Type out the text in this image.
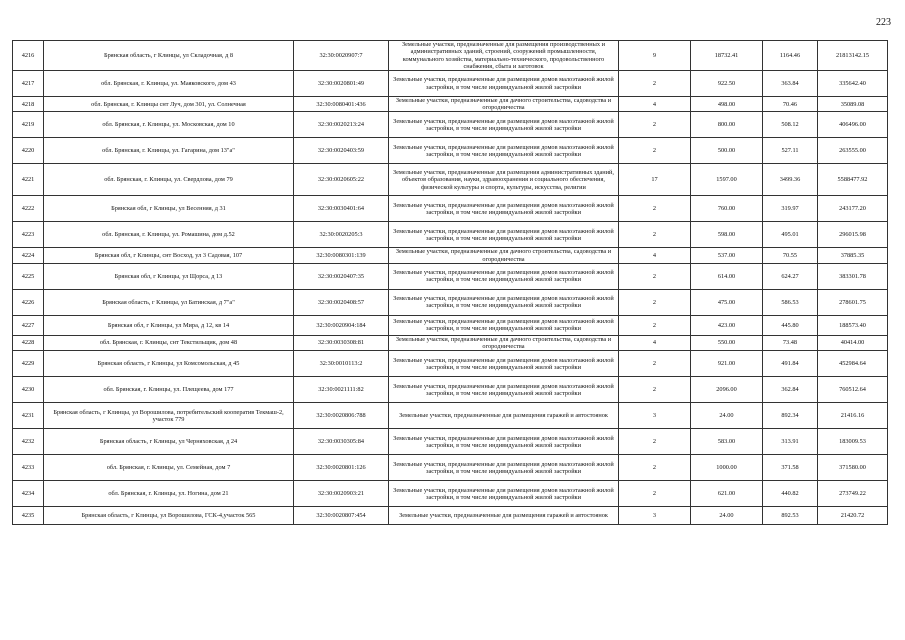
223
4216	Брянская область, г Клинцы, ул Складочная, д 8	32:30:0020907:7	Земельные участки, предназначенные для размещения производственных и административных зданий, строений, сооружений промышленности, коммунального хозяйства, материально-технического, продовольственного снабжения, сбыта и заготовок	9	18732.41	1164.46	21813142.15
4217	обл. Брянская, г. Клинцы, ул. Маяковского, дом 43	32:30:0020801:49	Земельные участки, предназначенные для размещения домов малоэтажной жилой застройки, в том числе индивидуальной жилой застройки	2	922.50	363.84	335642.40
4218	обл. Брянская, г. Клинцы снт Луч, дом 301, ул. Солнечная	32:30:0080401:436	Земельные участки, предназначенные для дачного строительства, садоводства и огородничества	4	498.00	70.46	35089.08
4219	обл. Брянская, г. Клинцы, ул. Московская, дом 10	32:30:0020213:24	Земельные участки, предназначенные для размещения домов малоэтажной жилой застройки, в том числе индивидуальной жилой застройки	2	800.00	508.12	406496.00
4220	обл. Брянская, г. Клинцы, ул. Гагарина, дом 13"а"	32:30:0020403:59	Земельные участки, предназначенные для размещения домов малоэтажной жилой застройки, в том числе индивидуальной жилой застройки	2	500.00	527.11	263555.00
4221	обл. Брянская, г. Клинцы, ул. Свердлова, дом 79	32:30:0020605:22	Земельные участки, предназначенные для размещения административных зданий, объектов образования, науки, здравоохранения и социального обеспечения, физической культуры и спорта, культуры, искусства, религии	17	1597.00	3499.36	5588477.92
4222	Брянская обл, г Клинцы, ул Весенняя, д 31	32:30:0030401:64	Земельные участки, предназначенные для размещения домов малоэтажной жилой застройки, в том числе индивидуальной жилой застройки	2	760.00	319.97	243177.20
4223	обл. Брянская, г. Клинцы, ул. Ромашина, дом д.52	32:30:0020205:3	Земельные участки, предназначенные для размещения домов малоэтажной жилой застройки, в том числе индивидуальной жилой застройки	2	598.00	495.01	296015.98
4224	Брянская обл, г Клинцы, снт Восход, ул 3 Садовая, 107	32:30:0080301:139	Земельные участки, предназначенные для дачного строительства, садоводства и огородничества	4	537.00	70.55	37885.35
4225	Брянская обл, г Клинцы, ул Щорса, д 13	32:30:0020407:35	Земельные участки, предназначенные для размещения домов малоэтажной жилой застройки, в том числе индивидуальной жилой застройки	2	614.00	624.27	383301.78
4226	Брянская область, г Клинцы, ул Батинская, д 7"а"	32:30:0020408:57	Земельные участки, предназначенные для размещения домов малоэтажной жилой застройки, в том числе индивидуальной жилой застройки	2	475.00	586.53	278601.75
4227	Брянская обл, г Клинцы, ул Мира, д 12, кв 14	32:30:0020904:184	Земельные участки, предназначенные для размещения домов малоэтажной жилой застройки, в том числе индивидуальной жилой застройки	2	423.00	445.80	188573.40
4228	обл. Брянская, г. Клинцы, снт Текстильщик, дом 48	32:30:0030308:81	Земельные участки, предназначенные для дачного строительства, садоводства и огородничества	4	550.00	73.48	40414.00
4229	Брянская область, г Клинцы, ул Комсомольская, д 45	32:30:0010113:2	Земельные участки, предназначенные для размещения домов малоэтажной жилой застройки, в том числе индивидуальной жилой застройки	2	921.00	491.84	452984.64
4230	обл. Брянская, г. Клинцы, ул. Плещеева, дом 177	32:30:0021111:82	Земельные участки, предназначенные для размещения домов малоэтажной жилой застройки, в том числе индивидуальной жилой застройки	2	2096.00	362.84	760512.64
4231	Брянская область, г Клинцы, ул Ворошилова, потребительский кооператив Текмаш-2, участок 779	32:30:0020806:788	Земельные участки, предназначенные для размещения гаражей и автостоянок	3	24.00	892.34	21416.16
4232	Брянская область, г Клинцы, ул Черняховская, д 24	32:30:0030305:84	Земельные участки, предназначенные для размещения домов малоэтажной жилой застройки, в том числе индивидуальной жилой застройки	2	583.00	313.91	183009.53
4233	обл. Брянская, г. Клинцы, ул. Семейная, дом 7	32:30:0020801:126	Земельные участки, предназначенные для размещения домов малоэтажной жилой застройки, в том числе индивидуальной жилой застройки	2	1000.00	371.58	371580.00
4234	обл. Брянская, г. Клинцы, ул. Ногина, дом 21	32:30:0020903:21	Земельные участки, предназначенные для размещения домов малоэтажной жилой застройки, в том числе индивидуальной жилой застройки	2	621.00	440.82	273749.22
4235	Брянская область, г Клинцы, ул Ворошилова, ГСК-4,участок 565	32:30:0020807:454	Земельные участки, предназначенные для размещения гаражей и автостоянок	3	24.00	892.53	21420.72
